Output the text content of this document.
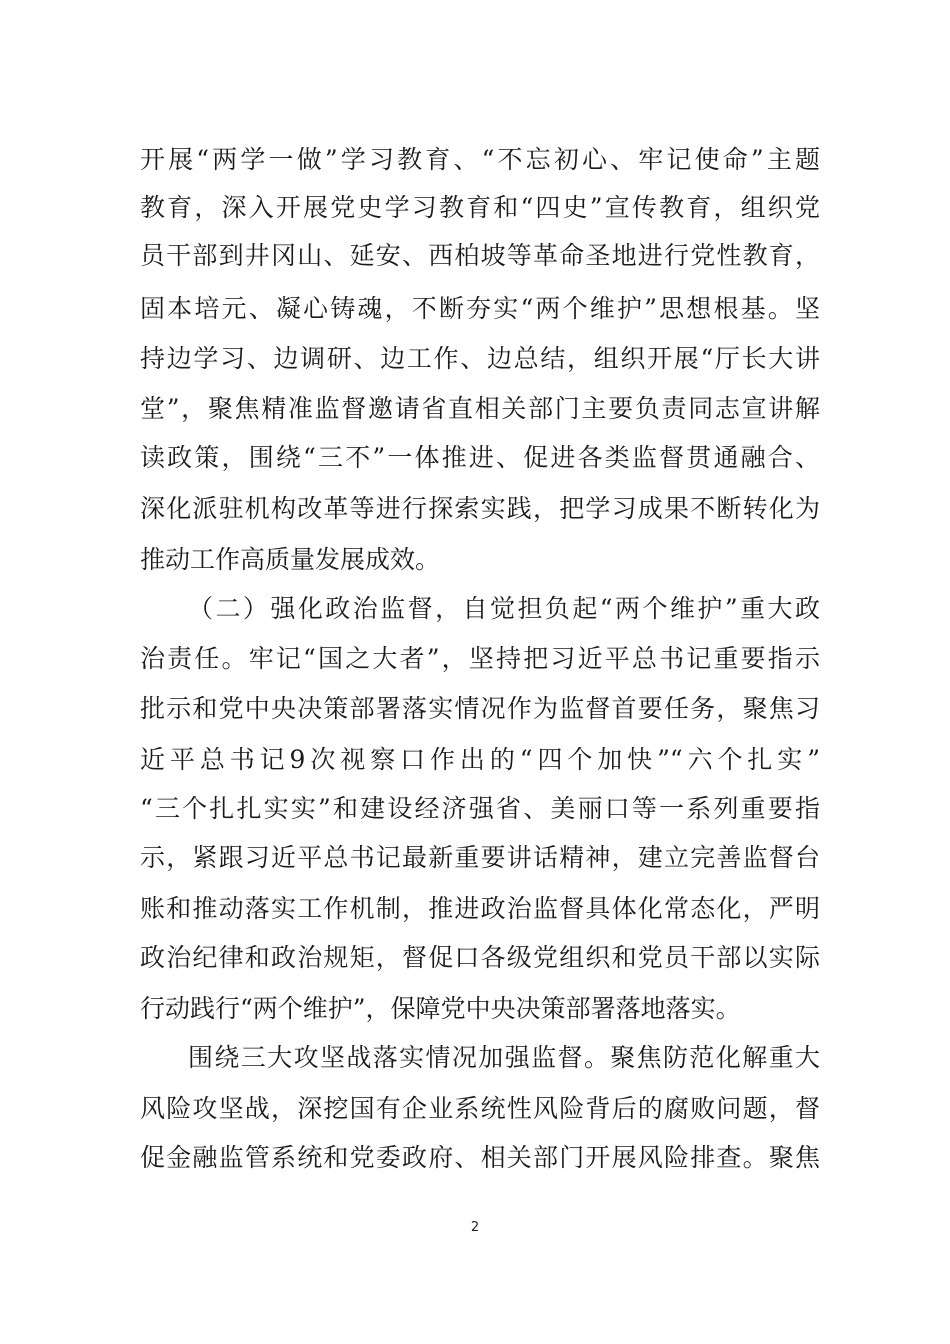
开展“两学一做”学习教育、“不忘初心、牢记使命”主题
教育，深入开展党史学习教育和“四史”宣传教育，组织党
员干部到井冈山、延安、西柏坡等革命圣地进行党性教育，
固本培元、凝心铸魂，不断夯实“两个维护”思想根基。坚
持边学习、边调研、边工作、边总结，组织开展“厅长大讲
堂”，聚焦精准监督邀请省直相关部门主要负责同志宣讲解
读政策，围绕“三不”一体推进、促进各类监督贯通融合、
深化派驻机构改革等进行探索实践，把学习成果不断转化为
推动工作高质量发展成效。
（二）强化政治监督，自觉担负起“两个维护”重大政
治责任。牢记“国之大者”，坚持把习近平总书记重要指示
批示和党中央决策部署落实情况作为监督首要任务，聚焦习
近平总书记9次视察口作出的“四个加快”“六个扎实”
“三个扎扎实实”和建设经济强省、美丽口等一系列重要指
示，紧跟习近平总书记最新重要讲话精神，建立完善监督台
账和推动落实工作机制，推进政治监督具体化常态化，严明
政治纪律和政治规矩，督促口各级党组织和党员干部以实际
行动践行“两个维护”，保障党中央决策部署落地落实。
围绕三大攻坚战落实情况加强监督。聚焦防范化解重大
风险攻坚战，深挖国有企业系统性风险背后的腐败问题，督
促金融监管系统和党委政府、相关部门开展风险排查。聚焦
2
